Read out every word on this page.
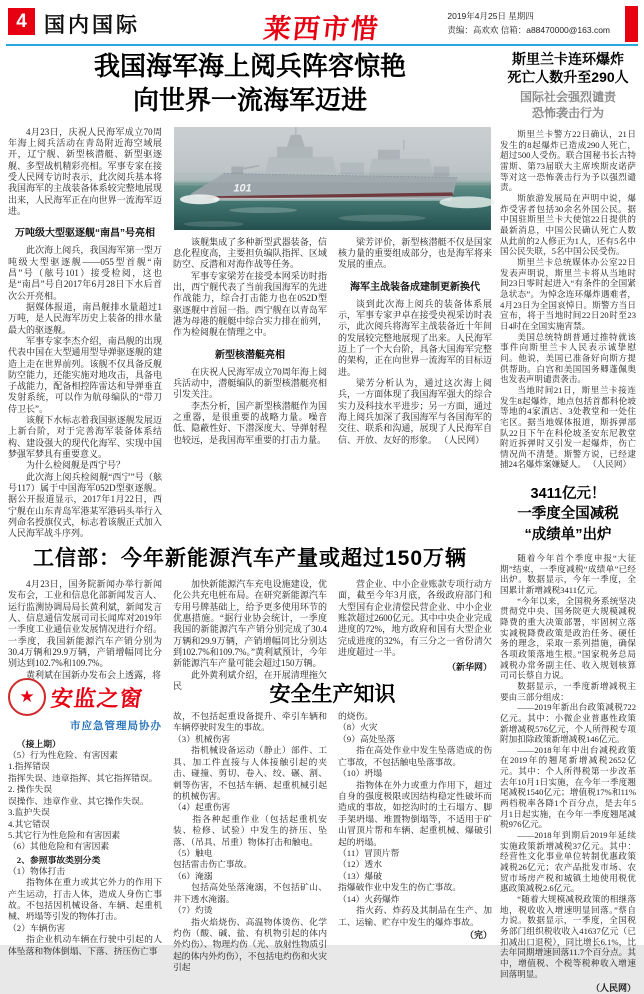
4 国内国际	莱西市惜	2019年4月25日 星期四
责编：高欢欢 信箱：a88470000@163.com
我国海军海上阅兵阵容惊艳
向世界一流海军迈进

4月23日，庆祝人民海军成立70周年海上阅兵活动在青岛附近海空域展开，辽宁舰、新型核潜艇、新型驱逐舰、多型战机精彩亮相。军事专家在接受人民网专访时表示，此次阅兵基本将我国海军的主战装备体系较完整地展现出来，人民海军正在向世界一流海军迈进。

万吨级大型驱逐舰“南昌”号亮相

此次海上阅兵，我国海军第一型万吨级大型驱逐舰——055型首舰“南昌”号（舷号101）接受检阅，这也是“南昌”号自2017年6月28日下水后首次公开亮相。

据媒体报道，南昌舰排水量超过1万吨，是人民海军历史上装备的排水量最大的驱逐舰。

军事专家李杰介绍，南昌舰的出现代表中国在大型通用型导弹驱逐舰的建造上走在世界前列。该舰不仅具备反舰防空能力，还能实施对地攻击，具备电子战能力，配备相控阵雷达和导弹垂直发射系统，可以作为航母编队的“带刀侍卫长”。

该舰下水标志着我国驱逐舰发展迈上新台阶，对于完善海军装备体系结构、建设强大的现代化海军、实现中国梦强军梦具有重要意义。

为什么检阅舰是西宁号？

此次海上阅兵检阅舰“西宁”号（舷号117）属于中国海军052D型驱逐舰。据公开报道显示，2017年1月22日，西宁舰在山东青岛军港某军港码头举行入列命名授旗仪式，标志着该舰正式加入人民海军战斗序列。

101

该舰集成了多种新型武器装备，信息化程度高，主要担负编队指挥、区域防空、反潜和对海作战等任务。

军事专家梁芳在接受本网采访时指出，西宁舰代表了当前我国海军的先进作战能力，综合打击能力也在052D型驱逐舰中首屈一指。西宁舰在以青岛军港为母港的舰艇中综合实力排在前列，作为检阅舰在情理之中。

新型核潜艇亮相

在庆祝人民海军成立70周年海上阅兵活动中，潜艇编队的新型核潜艇亮相引发关注。

李杰分析，国产新型核潜艇作为国之重器，是很重要的战略力量。噪音低、隐蔽性好、下潜深度大、导弹射程也较远，是我国海军重要的打击力量。

梁芳评价，新型核潜艇不仅是国家核力量的重要组成部分，也是海军将来发展的重点。

海军主战装备成建制更新换代

谈到此次海上阅兵的装备体系展示，军事专家尹卓在接受央视采访时表示，此次阅兵将海军主战装备近十年间的发展较完整地展现了出来。人民海军迈上了一个大台阶，具备大国海军完整的架构，正在向世界一流海军的目标迈进。

梁芳分析认为，通过这次海上阅兵，一方面体现了我国海军强大的综合实力及科技水平进步；另一方面，通过海上阅兵加深了我国海军与各国海军的交往、联系和沟通，展现了人民海军自信、开放、友好的形象。 （人民网）

斯里兰卡连环爆炸
死亡人数升至290人
国际社会强烈谴责
恐怖袭击行为

斯里兰卡警方22日确认，21日发生的8起爆炸已造成290人死亡，超过500人受伤。联合国秘书长古特雷斯、第73届联大主席埃斯皮诺萨等对这一恐怖袭击行为予以强烈谴责。

斯旅游发展局在声明中说，爆炸受害者包括30余名外国公民。据中国驻斯里兰卡大使馆22日提供的最新消息，中国公民确认死亡人数从此前的2人修正为1人，还有5名中国公民失联，5名中国公民受伤。

斯里兰卡总统媒体办公室22日发表声明说，斯里兰卡将从当地时间23日零时起进入“有条件的全国紧急状态”。为悼念连环爆炸遇难者，4月23日为全国哀悼日。斯警方当日宣布，将于当地时间22日20时至23日4时在全国实施宵禁。

美国总统特朗普通过推特就该事件向斯里兰卡人民表示诚挚慰问。他说，美国已准备好向斯方提供帮助。白宫和美国国务卿蓬佩奥也发表声明谴责袭击。

当地时间21日，斯里兰卡接连发生8起爆炸，地点包括首都科伦坡等地的4家酒店、3处教堂和一处住宅区。据当地媒体报道，斯拆弹部队22日下午在科伦坡圣安东尼教堂附近拆弹时又引发一起爆炸，伤亡情况尚不清楚。斯警方说，已经逮捕24名爆炸案嫌疑人。 （人民网）

3411亿元！
一季度全国减税
“成绩单”出炉

随着今年首个季度申报“大征期”结束，一季度减税“成绩单”已经出炉。数据显示，今年一季度，全国累计新增减税3411亿元。

“今年以来，全国税务系统坚决贯彻党中央、国务院更大规模减税降费的重大决策部署，牢固树立落实减税降费政策是政治任务、硬任务的理念，采取一系列措施，确保各项政策落地生根。”国家税务总局减税办常务副主任、收入规划核算司司长蔡自力说。

数据显示，一季度新增减税主要由三部分组成：

——2019年新出台政策减税722亿元。其中：小微企业普惠性政策新增减税576亿元，个人所得税专项附加扣除政策新增减税146亿元。

——2018年年中出台减税政策在2019年的翘尾新增减税2652亿元。其中：个人所得税第一步改革去年10月1日实施，在今年一季度翘尾减税1540亿元；增值税17%和11%两档税率各降1个百分点，是去年5月1日起实施，在今年一季度翘尾减税976亿元。

——2018年到期后2019年延续实施政策新增减税37亿元。其中：经营性文化事业单位转制优惠政策减税26亿元；农产品批发市场、农贸市场房产税和城镇土地使用税优惠政策减税2.6亿元。

“随着大规模减税政策的相继落地，税收收入增速明显回落。”蔡自力说。数据显示，一季度，全国税务部门组织税收收入41637亿元（已扣减出口退税），同比增长6.1%，比去年同期增速回落11.7个百分点。其中，增值税、个税等税种收入增速回落明显。

（人民网）

工信部：今年新能源汽车产量或超过150万辆

4月23日，国务院新闻办举行新闻发布会，工业和信息化部新闻发言人、运行监测协调局局长黄利斌，新闻发言人、信息通信发展司司长闻库对2019年一季度工业通信业发展情况进行介绍。一季度，我国新能源汽车产销分别为30.4万辆和29.9万辆，产销增幅同比分别达到102.7%和109.7%。

黄利斌在国新办发布会上透露，将

加快新能源汽车充电设施建设，优化公共充电桩布局。在研究新能源汽车专用号牌基础上，给予更多使用环节的优惠措施。“据行业协会统计，一季度我国的新能源汽车产销分别完成了30.4万辆和29.9万辆，产销增幅同比分别达到102.7%和109.7%。”黄利斌预计，今年新能源汽车产量可能会超过150万辆。

此外黄利斌介绍，在开展清理拖欠民

营企业、中小企业账款专项行动方面，截至今年3月底，各级政府部门和大型国有企业清偿民营企业、中小企业账款超过2600亿元。其中中央企业完成进度的72%，地方政府和国有大型企业完成进度的32%，有三分之一省份清欠进度超过一半。

（新华网）

安全生产知识
★ 安监之窗
市应急管理局协办

（接上期）

（5）行为性危险、有害因素
1.指挥错误
指挥失误、违章指挥、其它指挥错误。
2. 操作失误
误操作、违章作业、其它操作失误。
3.监护失误
4.其它错误
5.其它行为性危险和有害因素
（6）其他危险和有害因素

2、参照事故类别分类

（1）物体打击
　　指物体在重力或其它外力的作用下产生运动，打击人体，造成人身伤亡事故。不包括因机械设备、车辆、起重机械、坍塌等引发的物体打击。
（2）车辆伤害
　　指企业机动车辆在行驶中引起的人体坠落和物体倒塌、下落、挤压伤亡事
故，不包括起重设备提升、牵引车辆和车辆停驶时发生的事故。
（3）机械伤害
　　指机械设备运动（静止）部件、工具、加工件直接与人体接触引起的夹击、碰撞、剪切、卷入、绞、碾、割、刺等伤害，不包括车辆、起重机械引起的机械伤害。
（4）起重伤害
　　指各种起重作业（包括起重机安装、检修、试验）中发生的挤压、坠落、（吊具、吊重）物体打击和触电。
（5）触电
包括雷击伤亡事故。
（6）淹溺
　　包括高处坠落淹溺，不包括矿山、井下透水淹溺。
（7）灼烫
　　指火焰烧伤、高温物体烫伤、化学灼伤（酸、碱、盐、有机物引起的体内外灼伤）、物理灼伤（光、放射性物质引起的体内外灼伤），不包括电灼伤和火灾引起
的烧伤。
（8）火灾
（9）高处坠落
　　指在高处作业中发生坠落造成的伤亡事故，不包括触电坠落事故。
（10）坍塌
　　指物体在外力或重力作用下，超过自身的强度极限或因结构稳定性破坏而造成的事故，如挖沟时的土石塌方、脚手架坍塌、堆置物倒塌等，不适用于矿山冒顶片帮和车辆、起重机械、爆破引起的坍塌。
（11）冒顶片帮
（12）透水
（13）爆破
指爆破作业中发生的伤亡事故。
（14）火药爆炸
　　指火药、炸药及其制品在生产、加工、运输、贮存中发生的爆炸事故。

（完）
